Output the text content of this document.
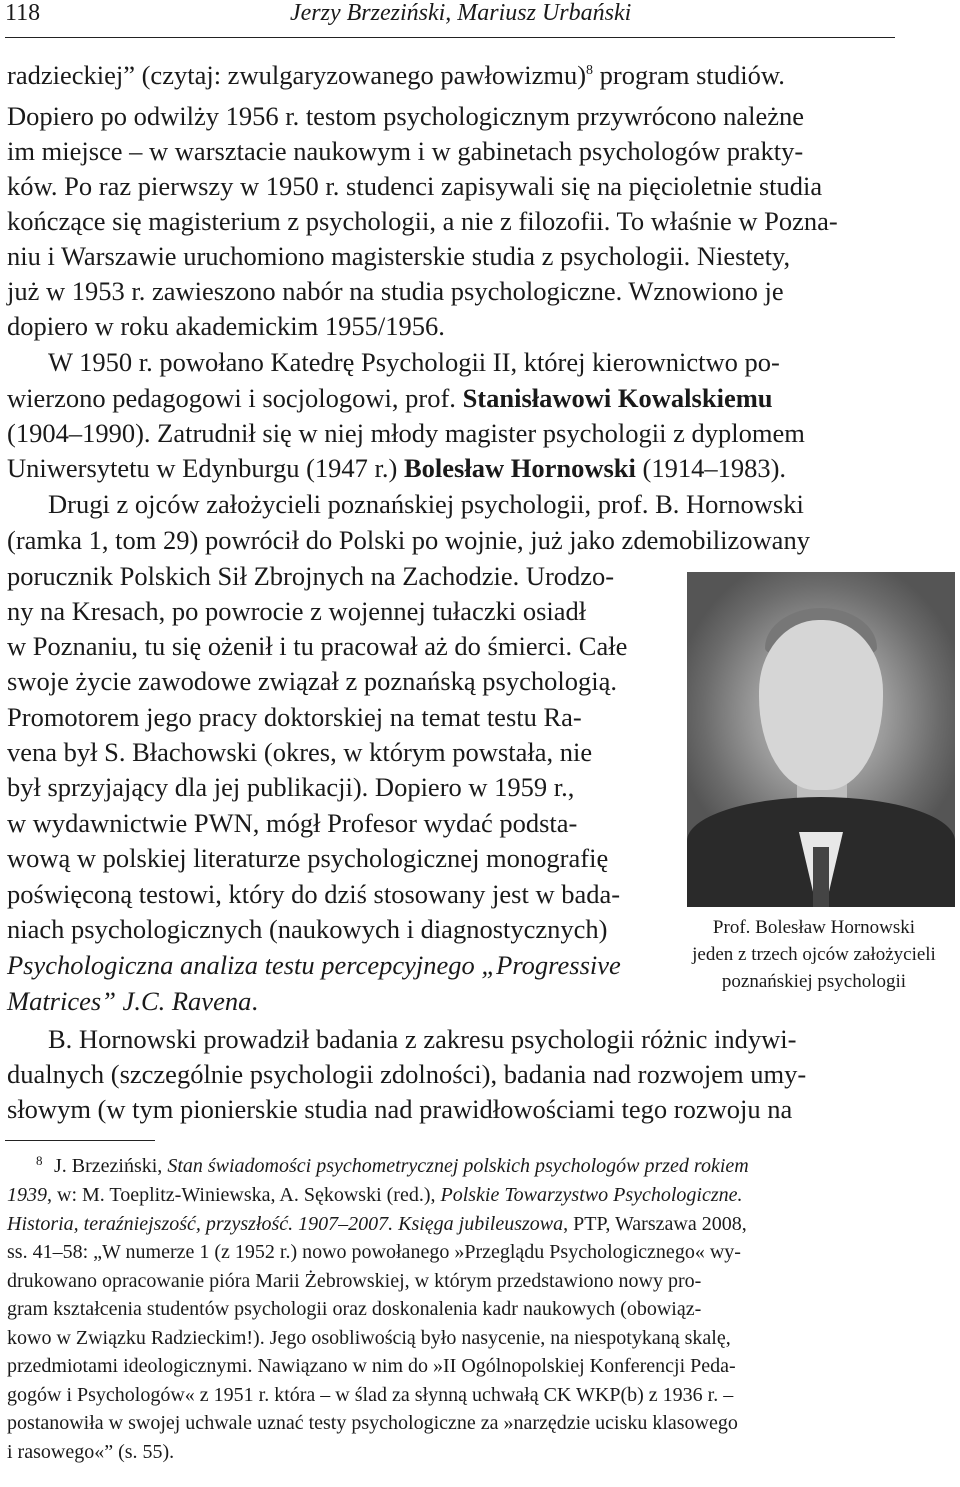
118	Jerzy Brzeziński, Mariusz Urbański
radzieckiej” (czytaj: zwulgaryzowanego pawłowizmu)$^8$ program studiów.
Dopiero po odwilży 1956 r. testom psychologicznym przywrócono należne
im miejsce – w warsztacie naukowym i w gabinetach psychologów prakty-
ków. Po raz pierwszy w 1950 r. studenci zapisywali się na pięcioletnie studia
kończące się magisterium z psychologii, a nie z filozofii. To właśnie w Pozna-
niu i Warszawie uruchomiono magisterskie studia z psychologii. Niestety,
już w 1953 r. zawieszono nabór na studia psychologiczne. Wznowiono je
dopiero w roku akademickim 1955/1956.
W 1950 r. powołano Katedrę Psychologii II, której kierownictwo po-
wierzono pedagogowi i socjologowi, prof. Stanisławowi Kowalskiemu
(1904–1990). Zatrudnił się w niej młody magister psychologii z dyplomem
Uniwersytetu w Edynburgu (1947 r.) Bolesław Hornowski (1914–1983).
Drugi z ojców założycieli poznańskiej psychologii, prof. B. Hornowski
(ramka 1, tom 29) powrócił do Polski po wojnie, już jako zdemobilizowany
porucznik Polskich Sił Zbrojnych na Zachodzie. Urodzo-
ny na Kresach, po powrocie z wojennej tułaczki osiadł
w Poznaniu, tu się ożenił i tu pracował aż do śmierci. Całe
swoje życie zawodowe związał z poznańską psychologią.
Promotorem jego pracy doktorskiej na temat testu Ra-
vena był S. Błachowski (okres, w którym powstała, nie
był sprzyjający dla jej publikacji). Dopiero w 1959 r.,
w wydawnictwie PWN, mógł Profesor wydać podsta-
wową w polskiej literaturze psychologicznej monografię
poświęconą testowi, który do dziś stosowany jest w bada-
niach psychologicznych (naukowych i diagnostycznych)
Psychologiczna analiza testu percepcyjnego „Progressive
Matrices” J.C. Ravena.
B. Hornowski prowadził badania z zakresu psychologii różnic indywi-
dualnych (szczególnie psychologii zdolności), badania nad rozwojem umy-
słowym (w tym pionierskie studia nad prawidłowościami tego rozwoju na
Prof. Bolesław Hornowski
jeden z trzech ojców założycieli
poznańskiej psychologii
8 J. Brzeziński, Stan świadomości psychometrycznej polskich psychologów przed rokiem
1939, w: M. Toeplitz-Winiewska, A. Sękowski (red.), Polskie Towarzystwo Psychologiczne.
Historia, teraźniejszość, przyszłość. 1907–2007. Księga jubileuszowa, PTP, Warszawa 2008,
ss. 41–58: „W numerze 1 (z 1952 r.) nowo powołanego »Przeglądu Psychologicznego« wy-
drukowano opracowanie pióra Marii Żebrowskiej, w którym przedstawiono nowy pro-
gram kształcenia studentów psychologii oraz doskonalenia kadr naukowych (obowiąz-
kowo w Związku Radzieckim!). Jego osobliwością było nasycenie, na niespotykaną skalę,
przedmiotami ideologicznymi. Nawiązano w nim do »II Ogólnopolskiej Konferencji Peda-
gogów i Psychologów« z 1951 r. która – w ślad za słynną uchwałą CK WKP(b) z 1936 r. –
postanowiła w swojej uchwale uznać testy psychologiczne za »narzędzie ucisku klasowego
i rasowego«” (s. 55).
